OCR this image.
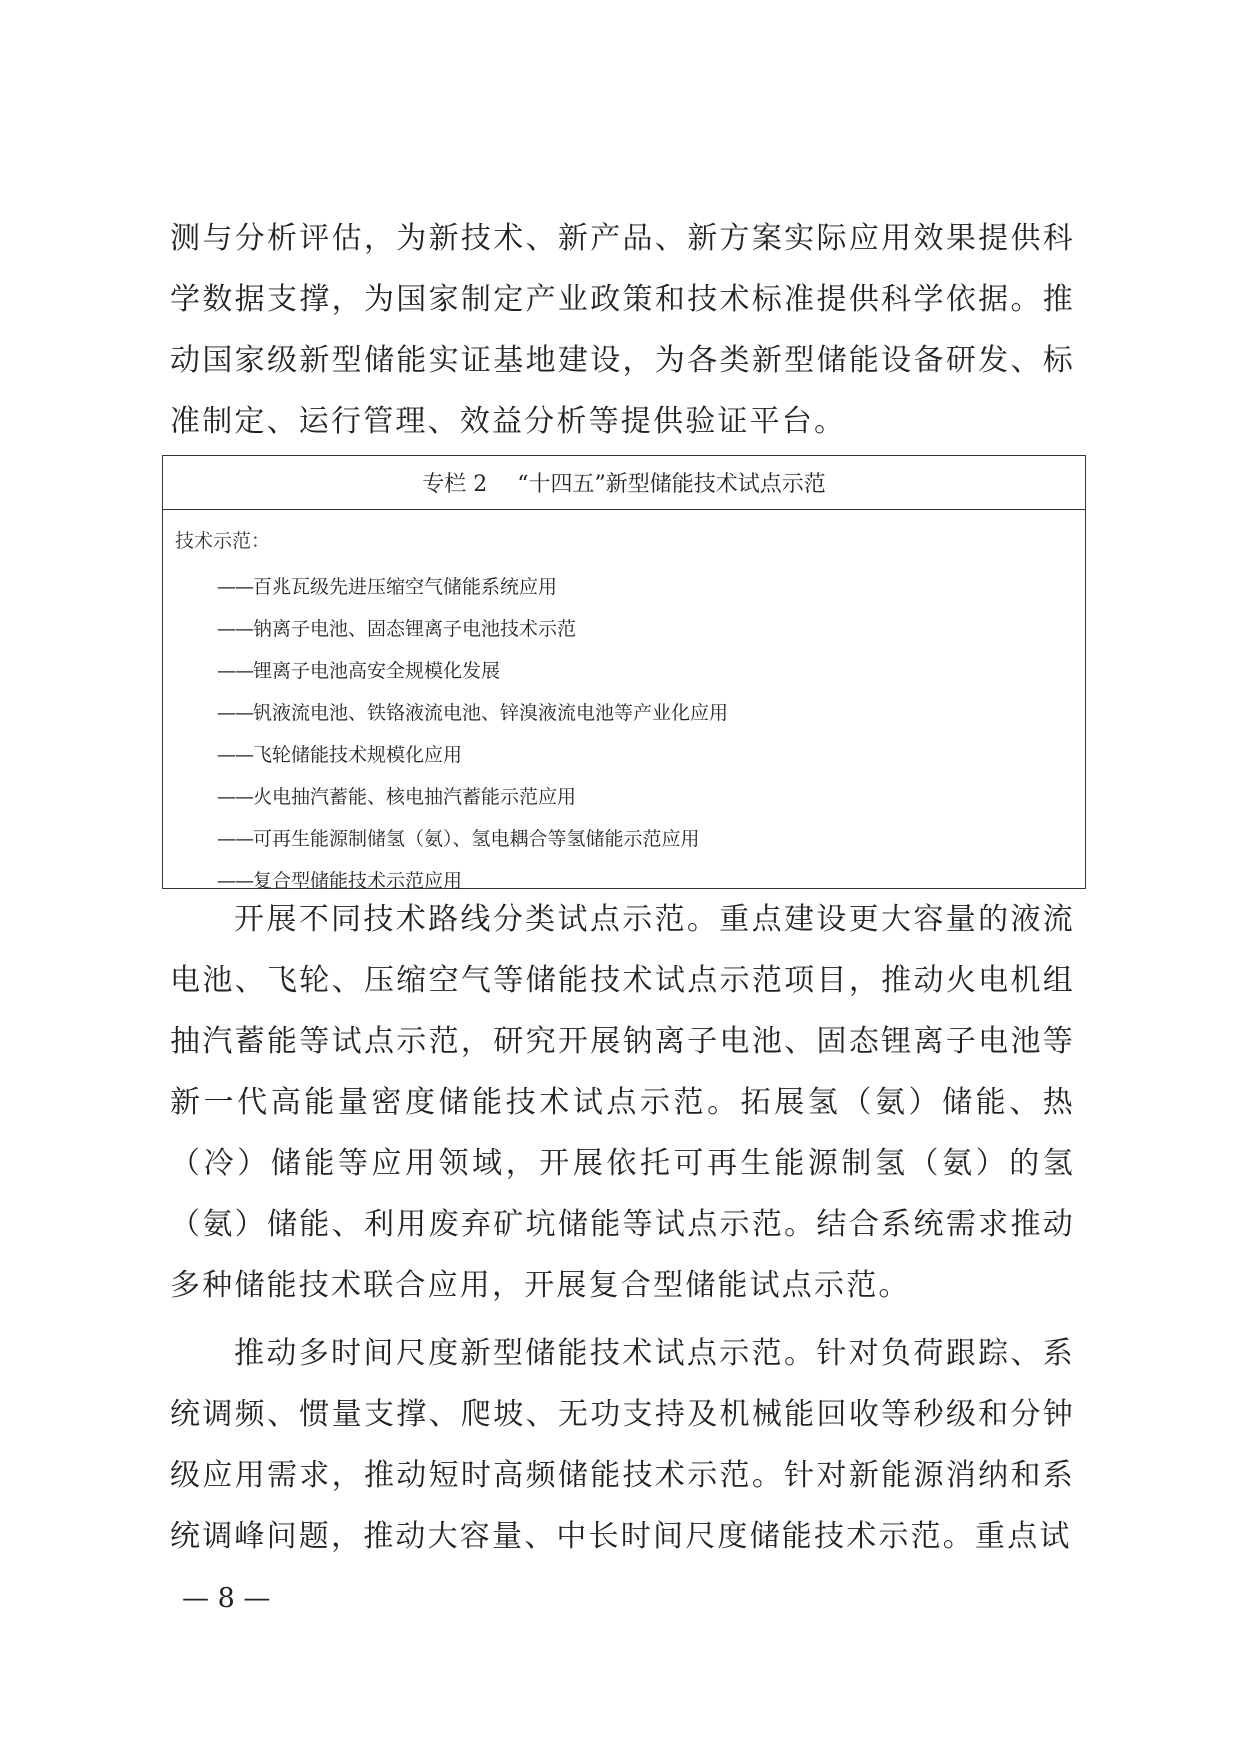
测与分析评估，为新技术、新产品、新方案实际应用效果提供科学数据支撑，为国家制定产业政策和技术标准提供科学依据。推动国家级新型储能实证基地建设，为各类新型储能设备研发、标准制定、运行管理、效益分析等提供验证平台。

专栏 2 “十四五”新型储能技术试点示范
技术示范：
——百兆瓦级先进压缩空气储能系统应用
——钠离子电池、固态锂离子电池技术示范
——锂离子电池高安全规模化发展
——钒液流电池、铁铬液流电池、锌溴液流电池等产业化应用
——飞轮储能技术规模化应用
——火电抽汽蓄能、核电抽汽蓄能示范应用
——可再生能源制储氢（氨）、氢电耦合等氢储能示范应用
——复合型储能技术示范应用

开展不同技术路线分类试点示范。重点建设更大容量的液流电池、飞轮、压缩空气等储能技术试点示范项目，推动火电机组抽汽蓄能等试点示范，研究开展钠离子电池、固态锂离子电池等新一代高能量密度储能技术试点示范。拓展氢（氨）储能、热（冷）储能等应用领域，开展依托可再生能源制氢（氨）的氢（氨）储能、利用废弃矿坑储能等试点示范。结合系统需求推动多种储能技术联合应用，开展复合型储能试点示范。

推动多时间尺度新型储能技术试点示范。针对负荷跟踪、系统调频、惯量支撑、爬坡、无功支持及机械能回收等秒级和分钟级应用需求，推动短时高频储能技术示范。针对新能源消纳和系统调峰问题，推动大容量、中长时间尺度储能技术示范。重点试

— 8 —
